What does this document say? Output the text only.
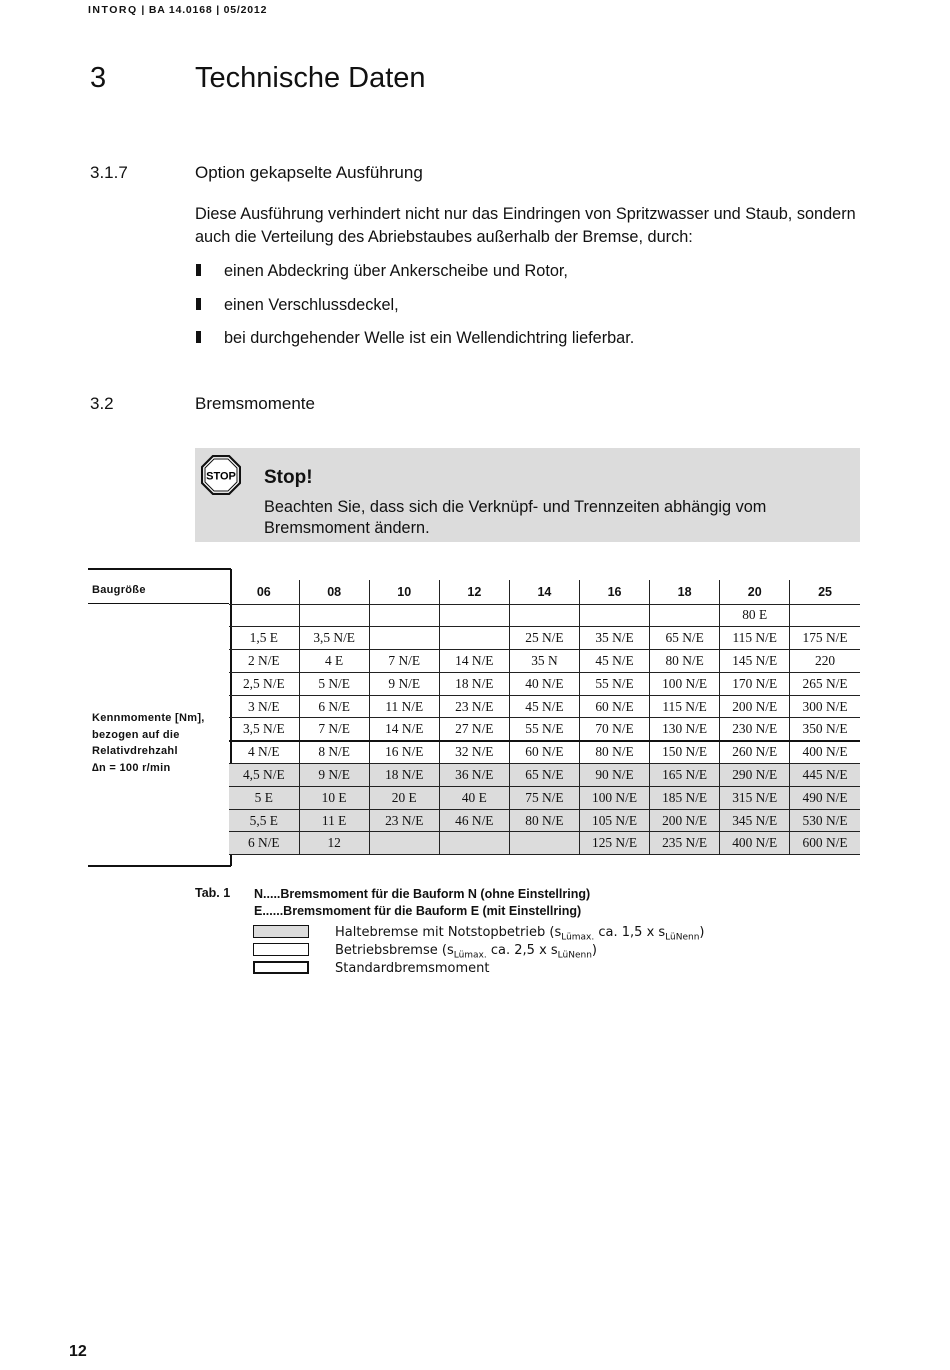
INTORQ | BA 14.0168 | 05/2012
3	Technische Daten
3.1.7	Option gekapselte Ausführung
Diese Ausführung verhindert nicht nur das Eindringen von Spritzwasser und Staub, sondern auch die Verteilung des Abriebstaubes außerhalb der Bremse, durch:
einen Abdeckring über Ankerscheibe und Rotor,
einen Verschlussdeckel,
bei durchgehender Welle ist ein Wellendichtring lieferbar.
3.2	Bremsmomente
STOP Stop!
Beachten Sie, dass sich die Verknüpf- und Trennzeiten abhängig vom Bremsmoment ändern.
Baugröße
Kennmomente [Nm],
bezogen auf die
Relativdrehzahl
∆n = 100 r/min
06	08	10	12	14	16	18	20	25
							80 E	
1,5 E	3,5 N/E			25 N/E	35 N/E	65 N/E	115 N/E	175 N/E
2 N/E	4 E	7 N/E	14 N/E	35 N	45 N/E	80 N/E	145 N/E	220
2,5 N/E	5 N/E	9 N/E	18 N/E	40 N/E	55 N/E	100 N/E	170 N/E	265 N/E
3 N/E	6 N/E	11 N/E	23 N/E	45 N/E	60 N/E	115 N/E	200 N/E	300 N/E
3,5 N/E	7 N/E	14 N/E	27 N/E	55 N/E	70 N/E	130 N/E	230 N/E	350 N/E
4 N/E	8 N/E	16 N/E	32 N/E	60 N/E	80 N/E	150 N/E	260 N/E	400 N/E
4,5 N/E	9 N/E	18 N/E	36 N/E	65 N/E	90 N/E	165 N/E	290 N/E	445 N/E
5 E	10 E	20 E	40 E	75 N/E	100 N/E	185 N/E	315 N/E	490 N/E
5,5 E	11 E	23 N/E	46 N/E	80 N/E	105 N/E	200 N/E	345 N/E	530 N/E
6 N/E	12				125 N/E	235 N/E	400 N/E	600 N/E
Tab. 1 N.....Bremsmoment für die Bauform N (ohne Einstellring)
E......Bremsmoment für die Bauform E (mit Einstellring)
Haltebremse mit Notstopbetrieb ($s_{Lümax.}$ ca. 1,5 x $s_{LüNenn}$)
Betriebsbremse ($s_{Lümax.}$ ca. 2,5 x $s_{LüNenn}$)
Standardbremsmoment
12
